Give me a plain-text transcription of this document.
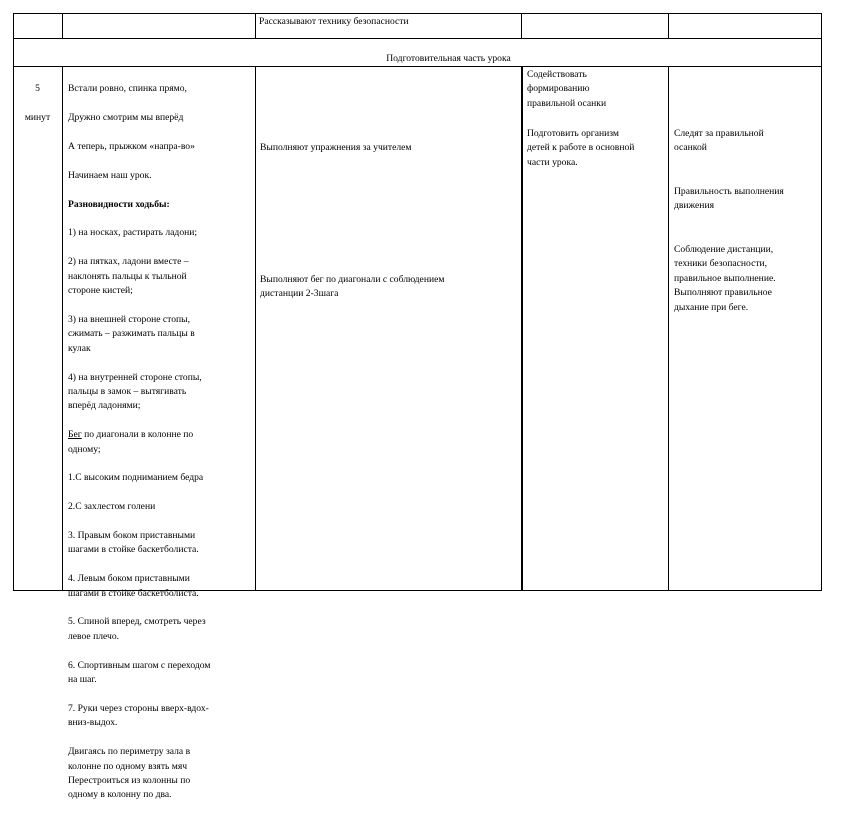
Рассказывают технику безопасности
Подготовительная часть урока

5

минут

Встали ровно, спинка прямо,

Дружно смотрим мы вперёд

А теперь, прыжком «напра-во»

Начинаем наш урок.

Разновидности ходьбы:

1) на носках, растирать ладони;

2) на пятках, ладони вместе –
наклонять пальцы к тыльной
стороне кистей;

3) на внешней стороне стопы,
сжимать – разжимать пальцы в
кулак

4) на внутренней стороне стопы,
пальцы в замок – вытягивать
вперёд ладонями;

Бег по диагонали в колонне по
одному;

1.С высоким подниманием бедра

2.С захлестом голени

3. Правым боком приставными
шагами в стойке баскетболиста.

4. Левым боком приставными
шагами в стойке баскетболиста.

5. Спиной вперед, смотреть через
левое плечо.

6. Спортивным шагом с переходом
на шаг.

7. Руки через стороны вверх-вдох-
вниз-выдох.

Двигаясь по периметру зала в
колонне по одному взять мяч
Перестроиться из колонны по
одному в колонну по два.

Выполняют упражнения за учителем
Выполняют бег по диагонали с соблюдением
дистанции 2-3шага
Содействовать
формированию
правильной осанки
Подготовить организм
детей к работе в основной
части урока.
Следят за правильной
осанкой
Правильность выполнения
движения
Соблюдение дистанции,
техники безопасности,
правильное выполнение.
Выполняют правильное
дыхание при беге.
